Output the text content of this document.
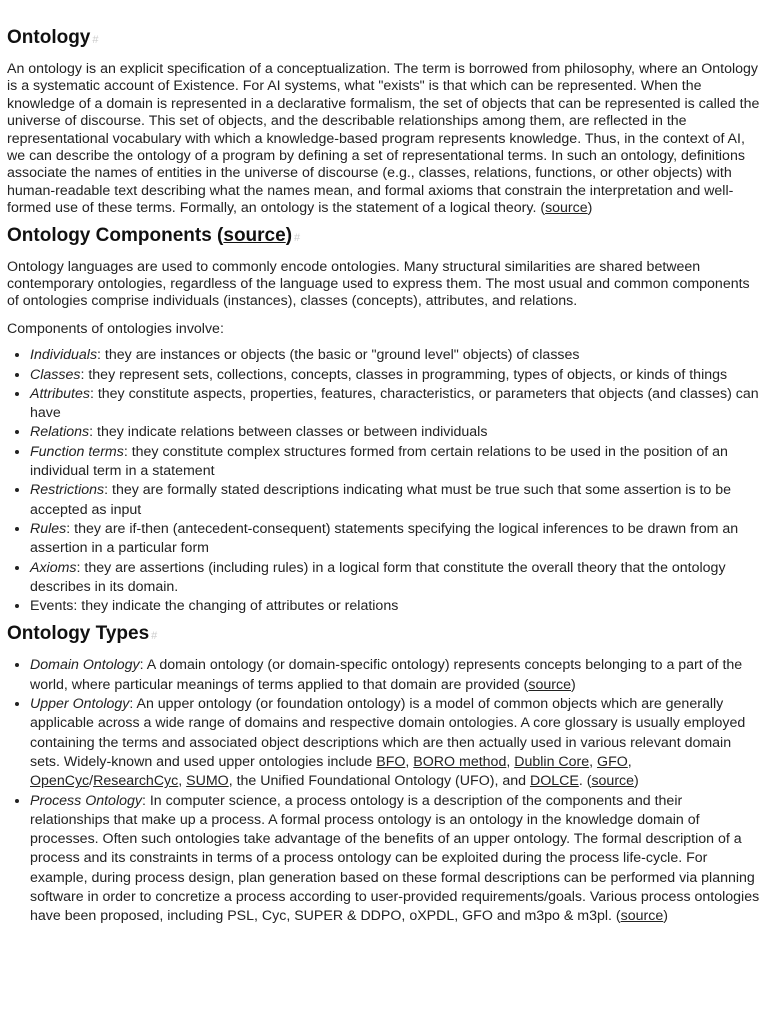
Ontology #

An ontology is an explicit specification of a conceptualization. The term is borrowed from philosophy, where an Ontology is a systematic account of Existence. For AI systems, what "exists" is that which can be represented. When the knowledge of a domain is represented in a declarative formalism, the set of objects that can be represented is called the universe of discourse. This set of objects, and the describable relationships among them, are reflected in the representational vocabulary with which a knowledge-based program represents knowledge. Thus, in the context of AI, we can describe the ontology of a program by defining a set of representational terms. In such an ontology, definitions associate the names of entities in the universe of discourse (e.g., classes, relations, functions, or other objects) with human-readable text describing what the names mean, and formal axioms that constrain the interpretation and well-formed use of these terms. Formally, an ontology is the statement of a logical theory. (source)

Ontology Components (source) #

Ontology languages are used to commonly encode ontologies. Many structural similarities are shared between contemporary ontologies, regardless of the language used to express them. The most usual and common components of ontologies comprise individuals (instances), classes (concepts), attributes, and relations.

Components of ontologies involve:

• Individuals: they are instances or objects (the basic or "ground level" objects) of classes
• Classes: they represent sets, collections, concepts, classes in programming, types of objects, or kinds of things
• Attributes: they constitute aspects, properties, features, characteristics, or parameters that objects (and classes) can have
• Relations: they indicate relations between classes or between individuals
• Function terms: they constitute complex structures formed from certain relations to be used in the position of an individual term in a statement
• Restrictions: they are formally stated descriptions indicating what must be true such that some assertion is to be accepted as input
• Rules: they are if-then (antecedent-consequent) statements specifying the logical inferences to be drawn from an assertion in a particular form
• Axioms: they are assertions (including rules) in a logical form that constitute the overall theory that the ontology describes in its domain.
• Events: they indicate the changing of attributes or relations
Ontology Types #
• Domain Ontology: A domain ontology (or domain-specific ontology) represents concepts belonging to a part of the world, where particular meanings of terms applied to that domain are provided (source)
• Upper Ontology: An upper ontology (or foundation ontology) is a model of common objects which are generally applicable across a wide range of domains and respective domain ontologies. A core glossary is usually employed containing the terms and associated object descriptions which are then actually used in various relevant domain sets. Widely-known and used upper ontologies include BFO, BORO method, Dublin Core, GFO, OpenCyc/ResearchCyc, SUMO, the Unified Foundational Ontology (UFO), and DOLCE. (source)
• Process Ontology: In computer science, a process ontology is a description of the components and their relationships that make up a process. A formal process ontology is an ontology in the knowledge domain of processes. Often such ontologies take advantage of the benefits of an upper ontology. The formal description of a process and its constraints in terms of a process ontology can be exploited during the process life-cycle. For example, during process design, plan generation based on these formal descriptions can be performed via planning software in order to concretize a process according to user-provided requirements/goals. Various process ontologies have been proposed, including PSL, Cyc, SUPER & DDPO, oXPDL, GFO and m3po & m3pl. (source)
